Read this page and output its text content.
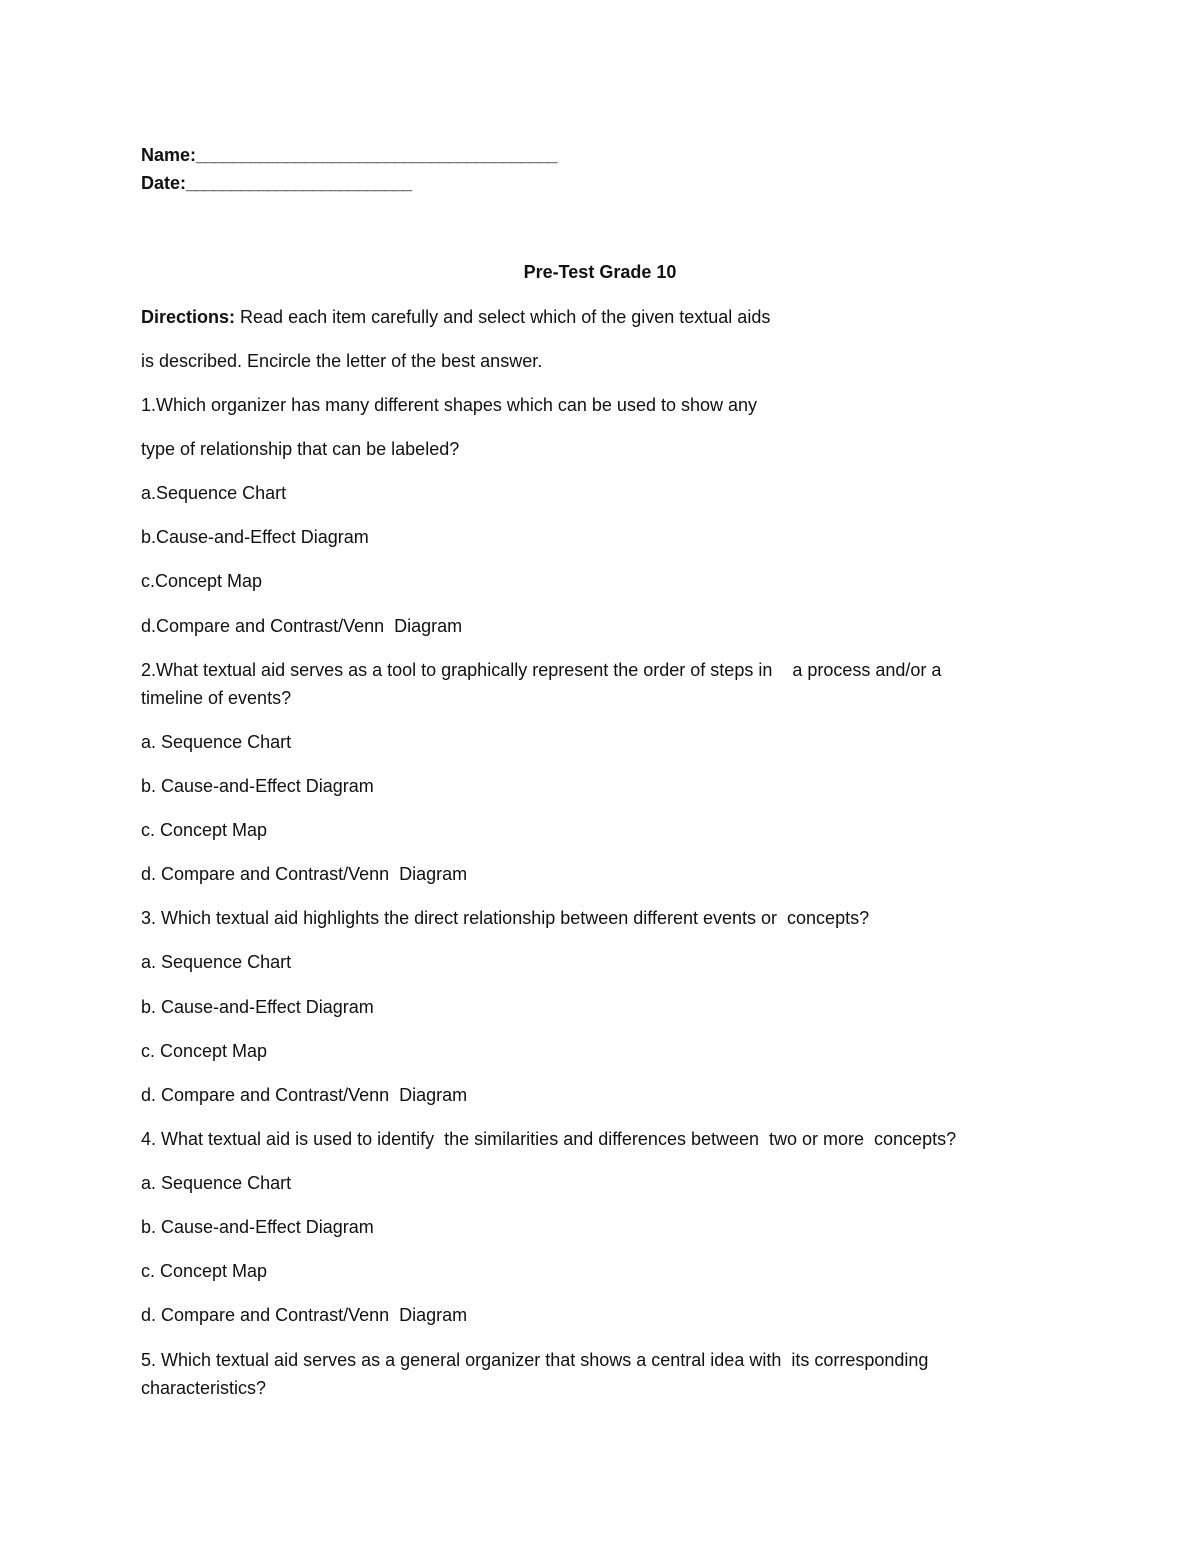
Name:________________________________________
Date:_________________________
Pre-Test Grade 10
Directions: Read each item carefully and select which of the given textual aids
is described. Encircle the letter of the best answer.
1.Which organizer has many different shapes which can be used to show any
type of relationship that can be labeled?
a.Sequence Chart
b.Cause-and-Effect Diagram
c.Concept Map
d.Compare and Contrast/Venn  Diagram
2.What textual aid serves as a tool to graphically represent the order of steps in    a process and/or a
timeline of events?
a. Sequence Chart
b. Cause-and-Effect Diagram
c. Concept Map
d. Compare and Contrast/Venn  Diagram
3. Which textual aid highlights the direct relationship between different events or  concepts?
a. Sequence Chart
b. Cause-and-Effect Diagram
c. Concept Map
d. Compare and Contrast/Venn  Diagram
4. What textual aid is used to identify  the similarities and differences between  two or more  concepts?
a. Sequence Chart
b. Cause-and-Effect Diagram
c. Concept Map
d. Compare and Contrast/Venn  Diagram
5. Which textual aid serves as a general organizer that shows a central idea with  its corresponding
characteristics?
